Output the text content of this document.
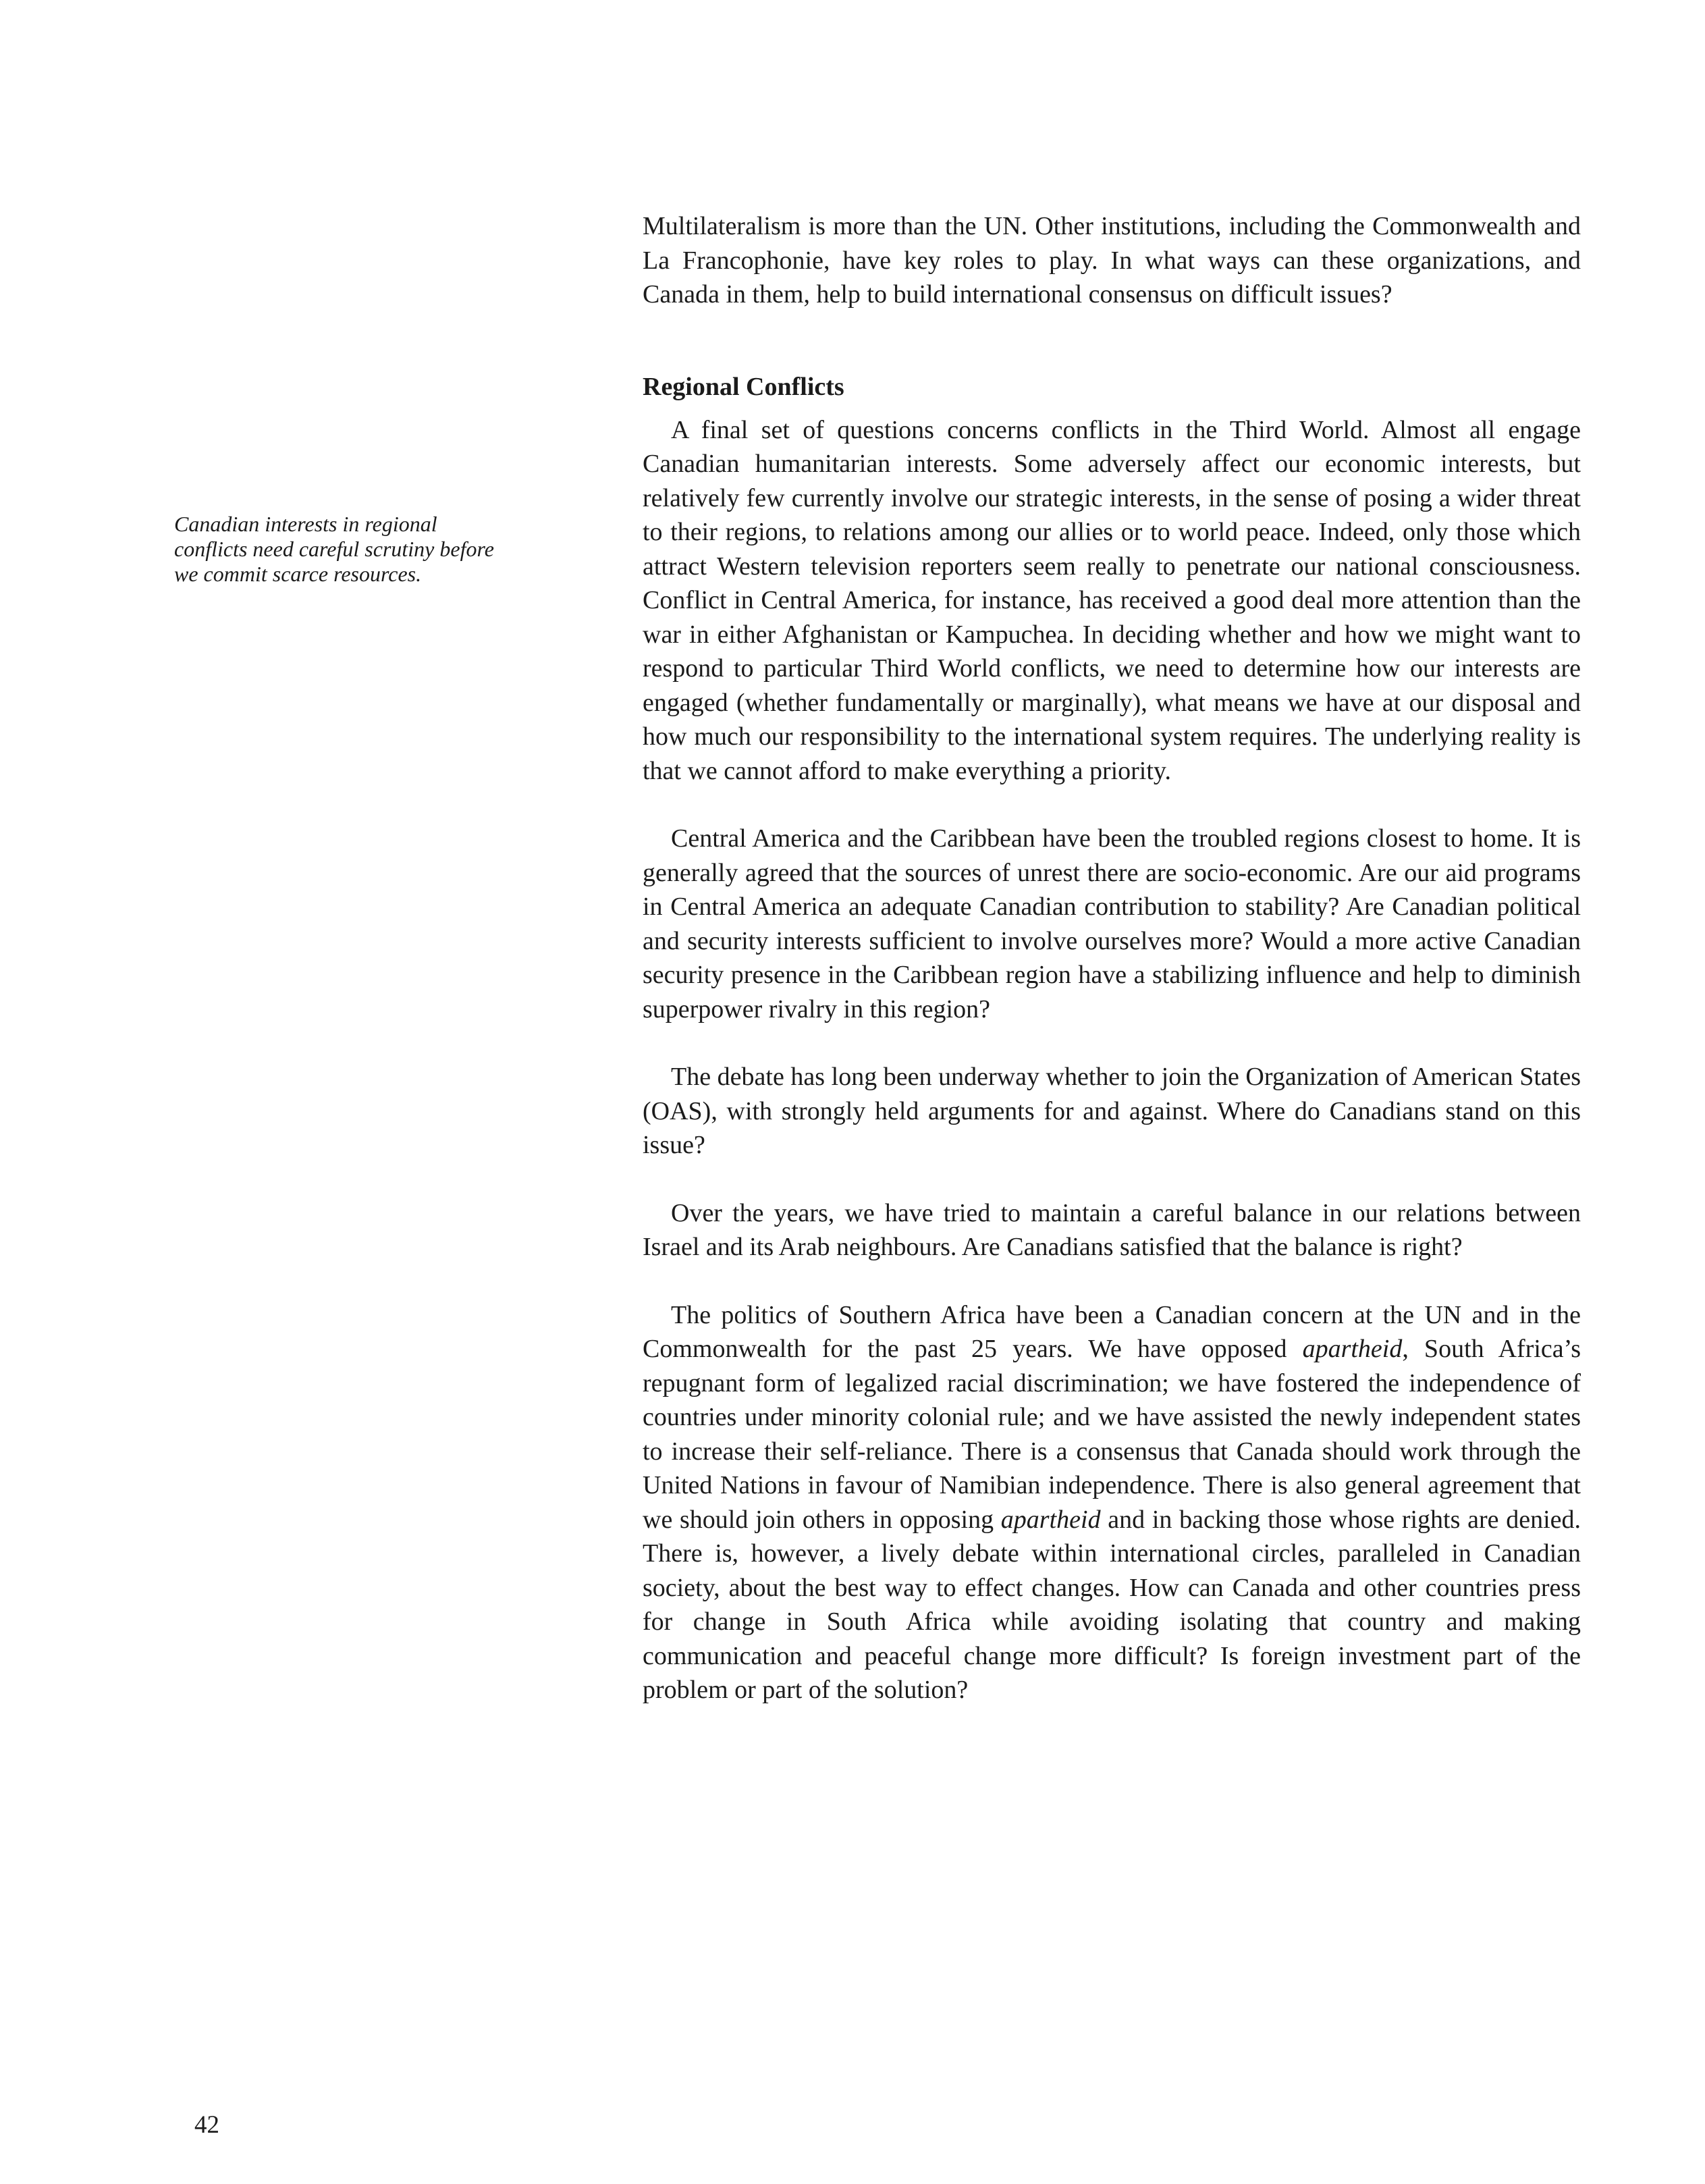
Canadian interests in regional conflicts need careful scrutiny before we commit scarce resources.

Multilateralism is more than the UN. Other institutions, including the Commonwealth and La Francophonie, have key roles to play. In what ways can these organizations, and Canada in them, help to build international consensus on difficult issues?

Regional Conflicts

A final set of questions concerns conflicts in the Third World. Almost all engage Canadian humanitarian interests. Some adversely affect our economic interests, but relatively few currently involve our strategic interests, in the sense of posing a wider threat to their regions, to relations among our allies or to world peace. Indeed, only those which attract Western television reporters seem really to penetrate our national consciousness. Conflict in Central America, for instance, has received a good deal more attention than the war in either Afghanistan or Kampuchea. In deciding whether and how we might want to respond to particular Third World conflicts, we need to determine how our interests are engaged (whether fundamentally or marginally), what means we have at our disposal and how much our responsibility to the international system requires. The underlying reality is that we cannot afford to make everything a priority.

Central America and the Caribbean have been the troubled regions closest to home. It is generally agreed that the sources of unrest there are socio-economic. Are our aid programs in Central America an adequate Canadian contribution to stability? Are Canadian political and security interests sufficient to involve ourselves more? Would a more active Canadian security presence in the Caribbean region have a stabilizing influence and help to diminish superpower rivalry in this region?

The debate has long been underway whether to join the Organization of American States (OAS), with strongly held arguments for and against. Where do Canadians stand on this issue?

Over the years, we have tried to maintain a careful balance in our relations between Israel and its Arab neighbours. Are Canadians satisfied that the balance is right?

The politics of Southern Africa have been a Canadian concern at the UN and in the Commonwealth for the past 25 years. We have opposed apartheid, South Africa’s repugnant form of legalized racial discrimination; we have fostered the independence of countries under minority colonial rule; and we have assisted the newly independent states to increase their self-reliance. There is a consensus that Canada should work through the United Nations in favour of Namibian independence. There is also general agreement that we should join others in opposing apartheid and in backing those whose rights are denied. There is, however, a lively debate within international circles, paralleled in Canadian society, about the best way to effect changes. How can Canada and other countries press for change in South Africa while avoiding isolating that country and making communication and peaceful change more difficult? Is foreign investment part of the problem or part of the solution?

42
